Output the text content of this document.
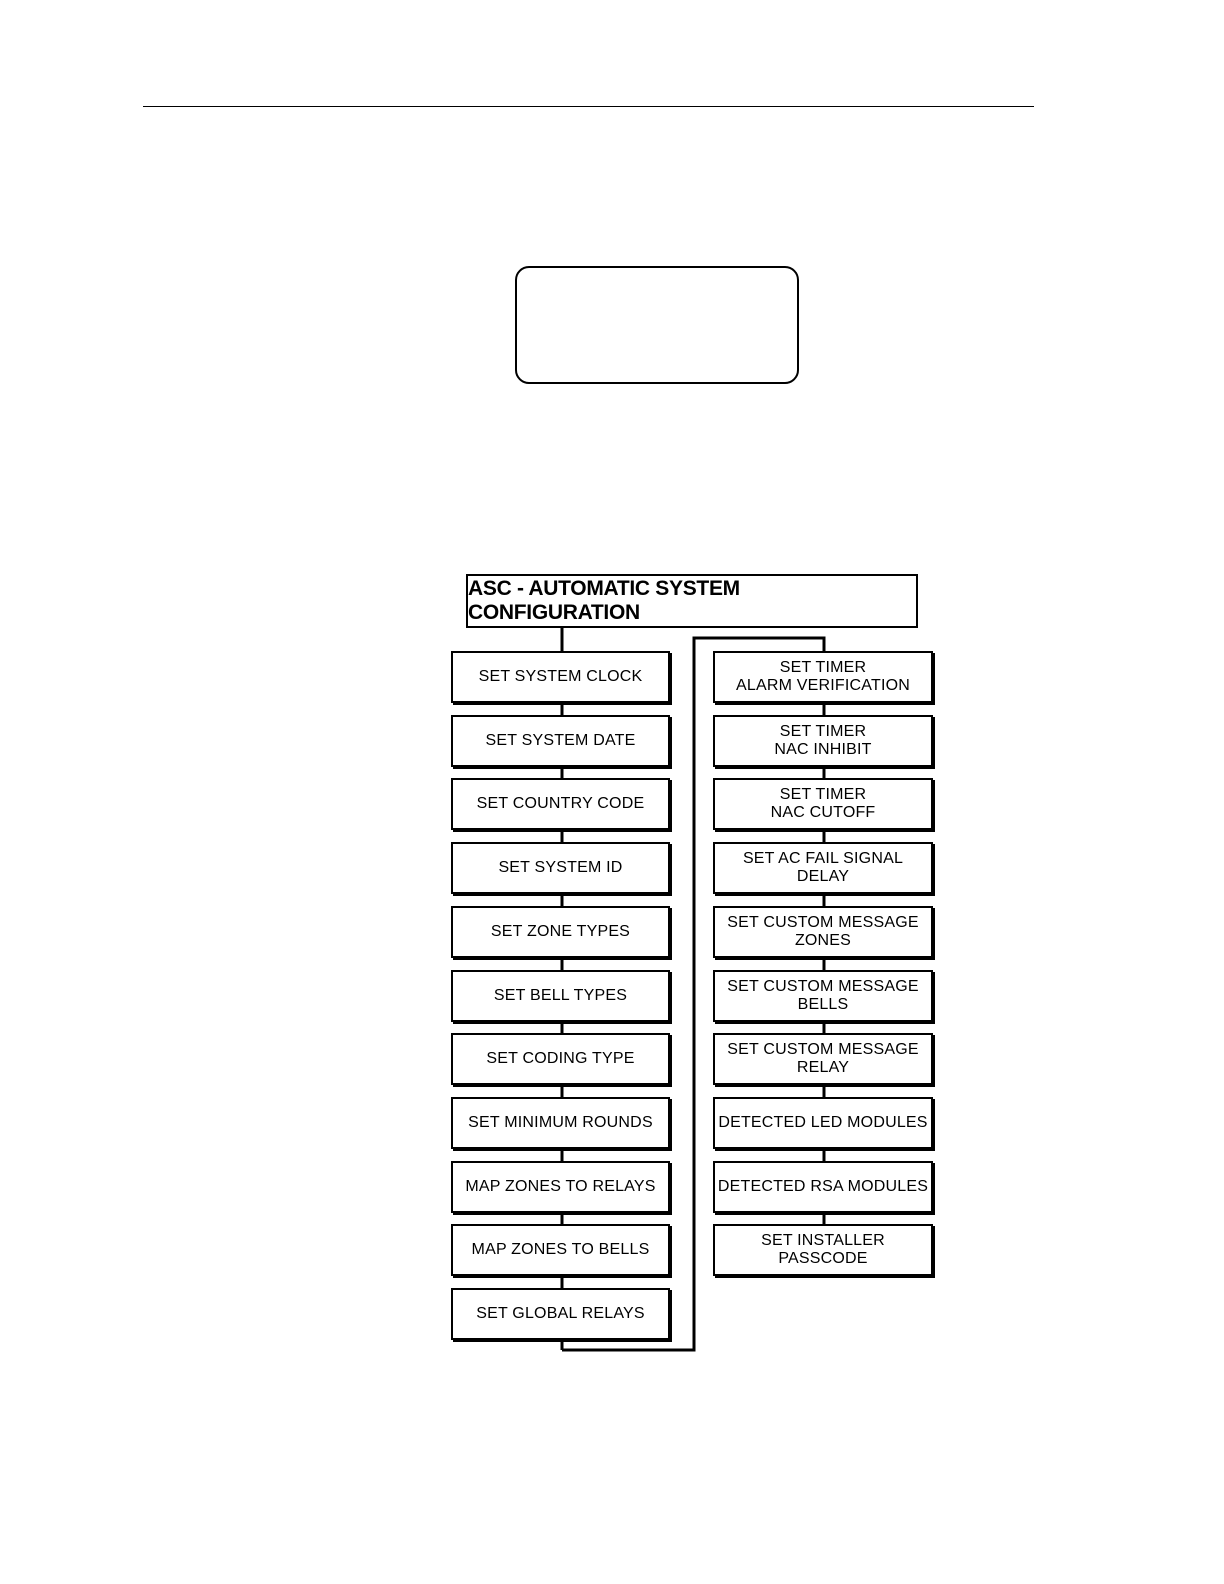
ASC - AUTOMATIC SYSTEM CONFIGURATION
SET SYSTEM CLOCK
SET SYSTEM DATE
SET COUNTRY CODE
SET SYSTEM ID
SET ZONE TYPES
SET BELL TYPES
SET CODING TYPE
SET MINIMUM ROUNDS
MAP ZONES TO RELAYS
MAP ZONES TO BELLS
SET GLOBAL RELAYS
SET TIMER
ALARM VERIFICATION
SET TIMER
NAC INHIBIT
SET TIMER
NAC CUTOFF
SET AC FAIL SIGNAL DELAY
SET CUSTOM MESSAGE
ZONES
SET CUSTOM MESSAGE
BELLS
SET CUSTOM MESSAGE
RELAY
DETECTED LED MODULES
DETECTED RSA MODULES
SET INSTALLER PASSCODE
